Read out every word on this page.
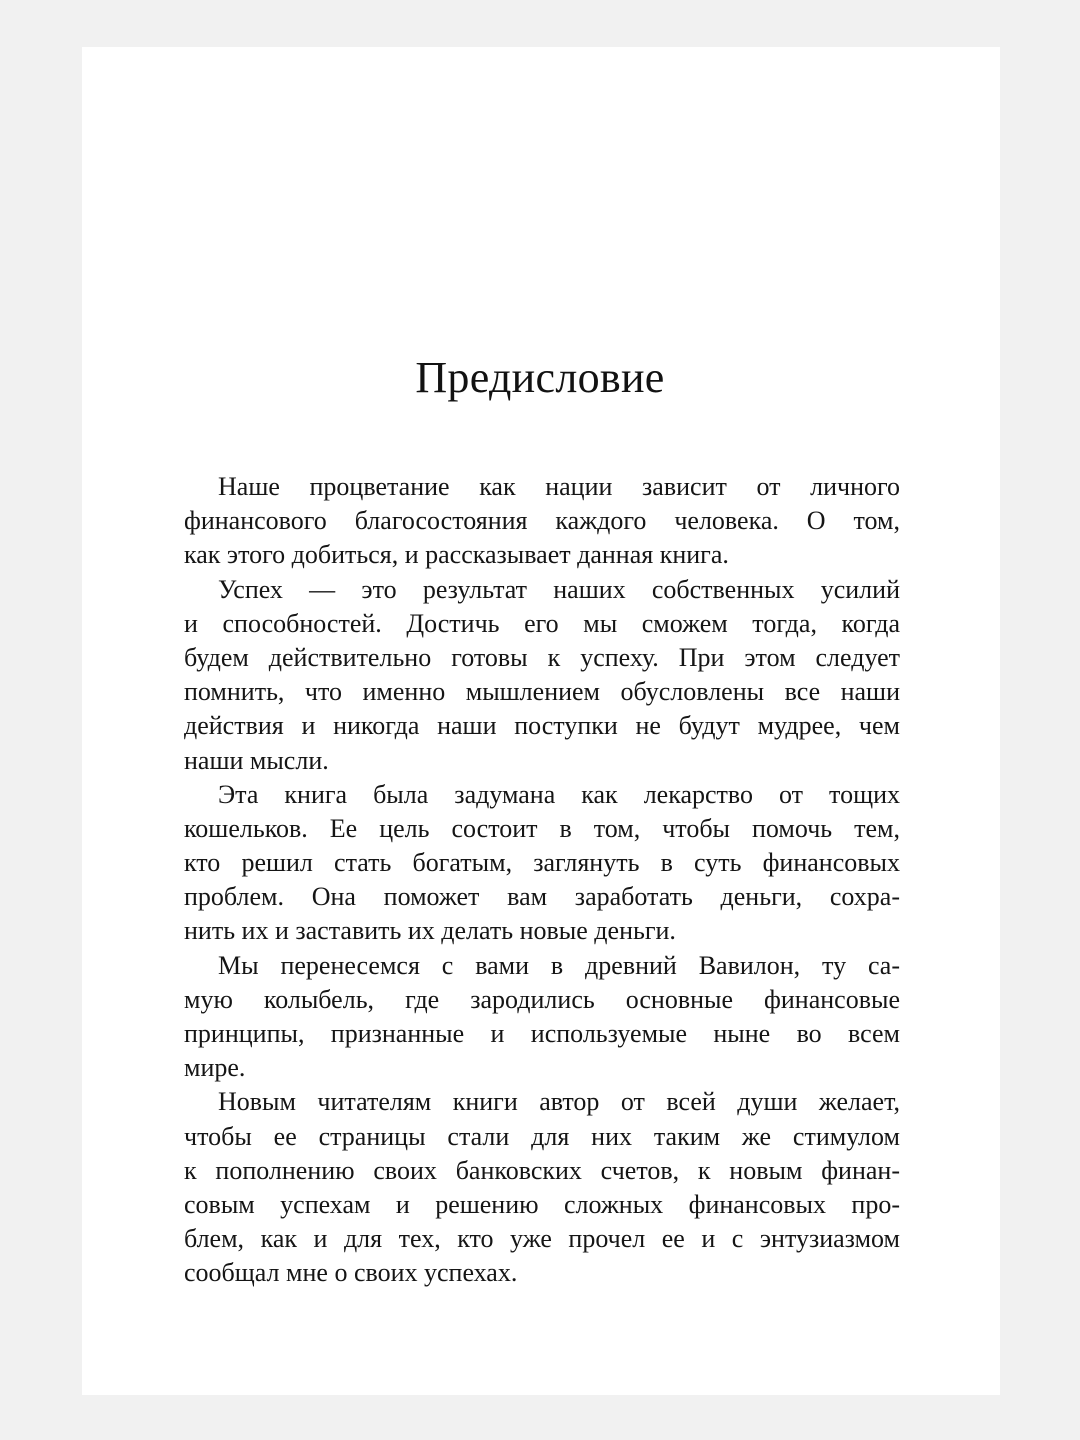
Предисловие
Наше процветание как нации зависит от личного
финансового благосостояния каждого человека. О том,
как этого добиться, и рассказывает данная книга.
Успех — это результат наших собственных усилий
и способностей. Достичь его мы сможем тогда, когда
будем действительно готовы к успеху. При этом следует
помнить, что именно мышлением обусловлены все наши
действия и никогда наши поступки не будут мудрее, чем
наши мысли.
Эта книга была задумана как лекарство от тощих
кошельков. Ее цель состоит в том, чтобы помочь тем,
кто решил стать богатым, заглянуть в суть финансовых
проблем. Она поможет вам заработать деньги, сохра-
нить их и заставить их делать новые деньги.
Мы перенесемся с вами в древний Вавилон, ту са-
мую колыбель, где зародились основные финансовые
принципы, признанные и используемые ныне во всем
мире.
Новым читателям книги автор от всей души желает,
чтобы ее страницы стали для них таким же стимулом
к пополнению своих банковских счетов, к новым финан-
совым успехам и решению сложных финансовых про-
блем, как и для тех, кто уже прочел ее и с энтузиазмом
сообщал мне о своих успехах.
